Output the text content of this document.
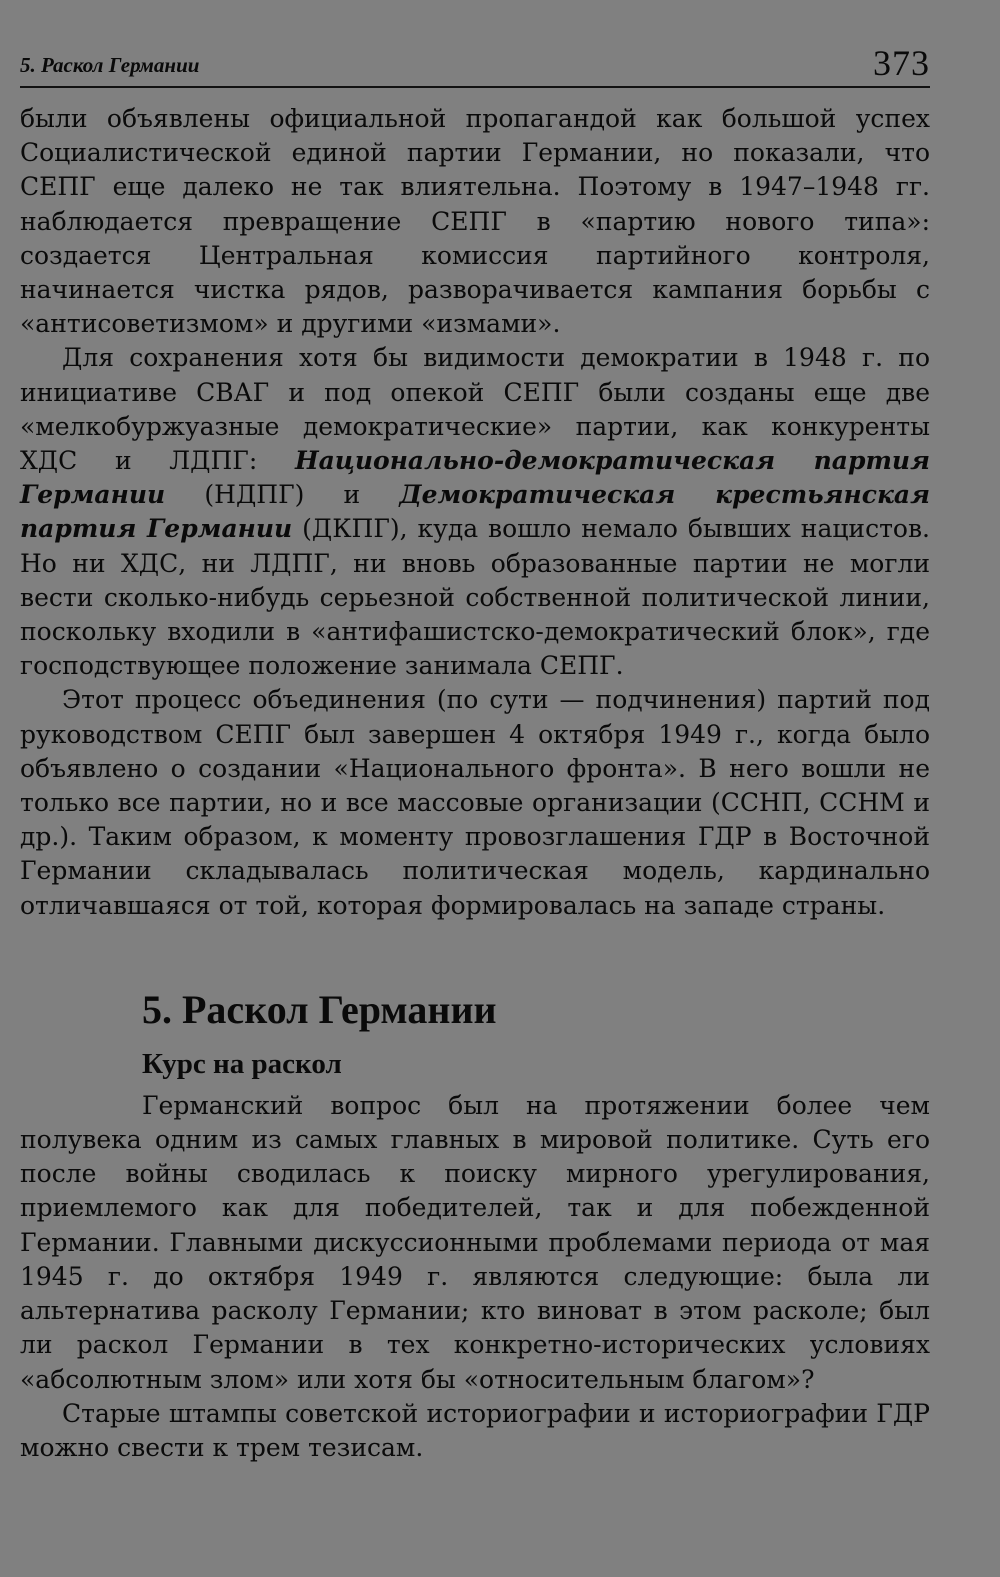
5. Раскол Германии	373

были объявлены официальной пропагандой как большой успех Социалистической единой партии Германии, но показали, что СЕПГ еще далеко не так влиятельна. Поэтому в 1947–1948 гг. наблюдается превращение СЕПГ в «партию нового типа»: создается Центральная комиссия партийного контроля, начинается чистка рядов, разворачивается кампания борьбы с «антисоветизмом» и другими «измами».

Для сохранения хотя бы видимости демократии в 1948 г. по инициативе СВАГ и под опекой СЕПГ были созданы еще две «мелкобуржуазные демократические» партии, как конкуренты ХДС и ЛДПГ: Национально-демократическая партия Германии (НДПГ) и Демократическая крестьянская партия Германии (ДКПГ), куда вошло немало бывших нацистов. Но ни ХДС, ни ЛДПГ, ни вновь образованные партии не могли вести сколько-нибудь серьезной собственной политической линии, поскольку входили в «антифашистско-демократический блок», где господствующее положение занимала СЕПГ.

Этот процесс объединения (по сути — подчинения) партий под руководством СЕПГ был завершен 4 октября 1949 г., когда было объявлено о создании «Национального фронта». В него вошли не только все партии, но и все массовые организации (ССНП, ССНМ и др.). Таким образом, к моменту провозглашения ГДР в Восточной Германии складывалась политическая модель, кардинально отличавшаяся от той, которая формировалась на западе страны.

5. Раскол Германии
Курс на раскол

Германский вопрос был на протяжении более чем полувека одним из самых главных в мировой политике. Суть его после войны сводилась к поиску мирного урегулирования, приемлемого как для победителей, так и для побежденной Германии. Главными дискуссионными проблемами периода от мая 1945 г. до октября 1949 г. являются следующие: была ли альтернатива расколу Германии; кто виноват в этом расколе; был ли раскол Германии в тех конкретно-исторических условиях «абсолютным злом» или хотя бы «относительным благом»?

Старые штампы советской историографии и историографии ГДР можно свести к трем тезисам.
